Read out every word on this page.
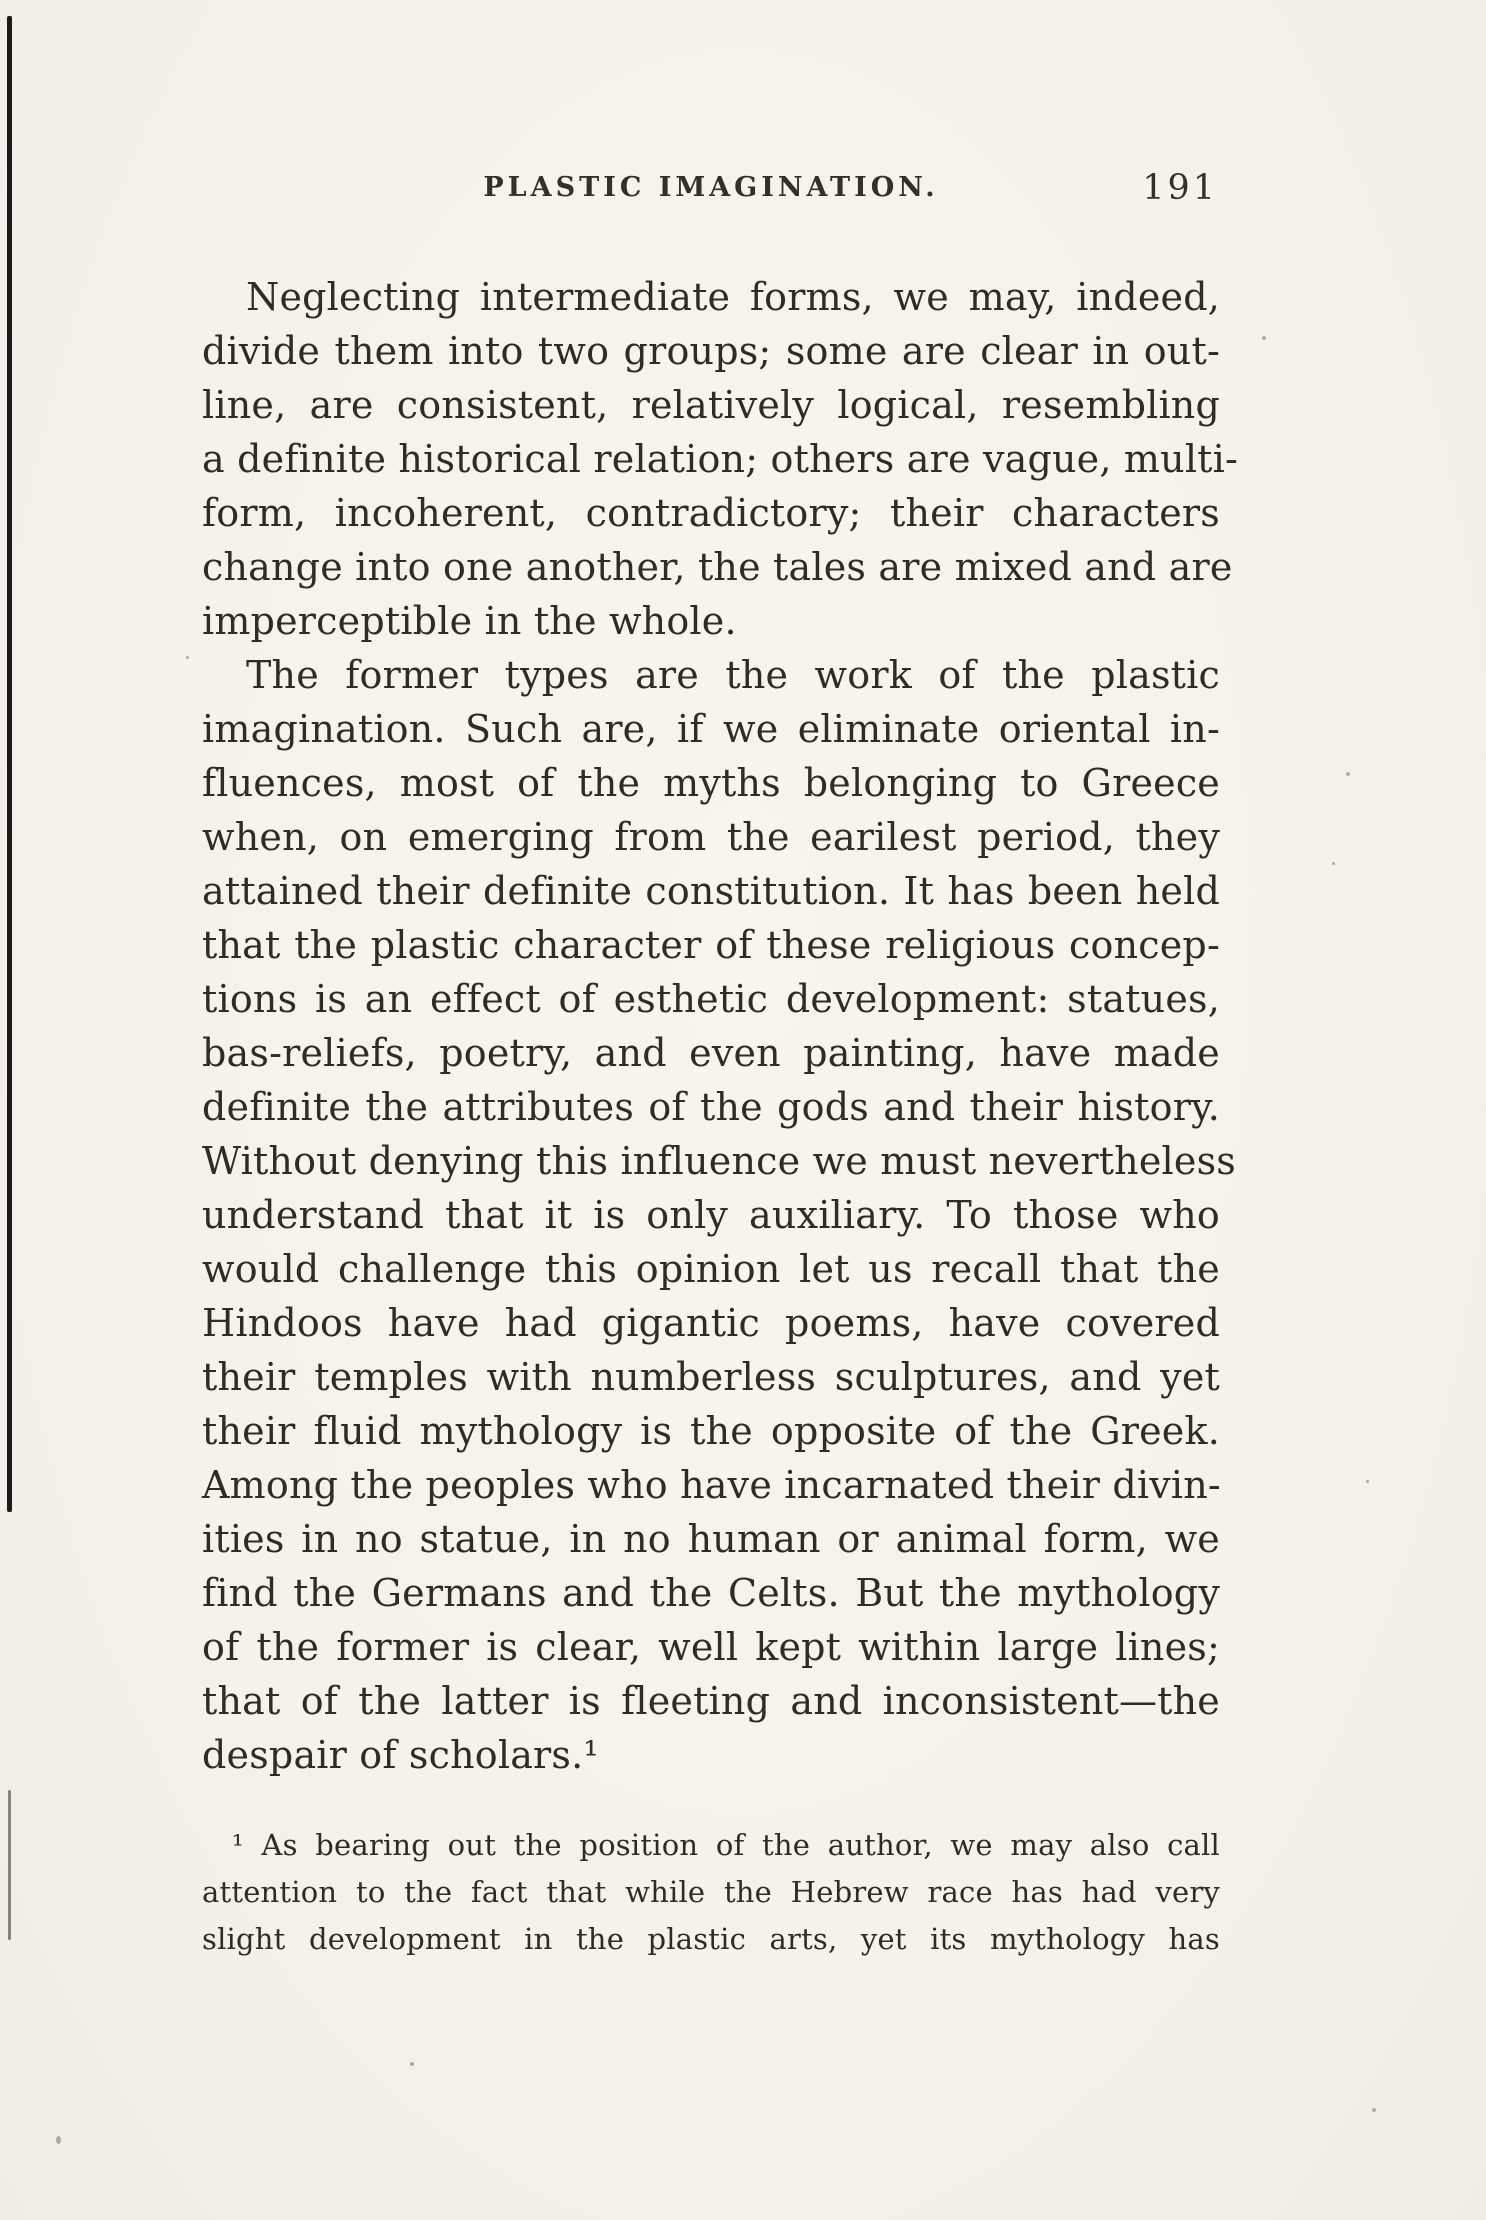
PLASTIC IMAGINATION.	191
Neglecting intermediate forms, we may, indeed,
divide them into two groups; some are clear in out-
line, are consistent, relatively logical, resembling
a definite historical relation; others are vague, multi-
form, incoherent, contradictory; their characters
change into one another, the tales are mixed and are
imperceptible in the whole.
The former types are the work of the plastic
imagination. Such are, if we eliminate oriental in-
fluences, most of the myths belonging to Greece
when, on emerging from the earilest period, they
attained their definite constitution. It has been held
that the plastic character of these religious concep-
tions is an effect of esthetic development: statues,
bas-reliefs, poetry, and even painting, have made
definite the attributes of the gods and their history.
Without denying this influence we must nevertheless
understand that it is only auxiliary. To those who
would challenge this opinion let us recall that the
Hindoos have had gigantic poems, have covered
their temples with numberless sculptures, and yet
their fluid mythology is the opposite of the Greek.
Among the peoples who have incarnated their divin-
ities in no statue, in no human or animal form, we
find the Germans and the Celts. But the mythology
of the former is clear, well kept within large lines;
that of the latter is fleeting and inconsistent—the
despair of scholars.¹
¹ As bearing out the position of the author, we may also call
attention to the fact that while the Hebrew race has had very
slight development in the plastic arts, yet its mythology has
